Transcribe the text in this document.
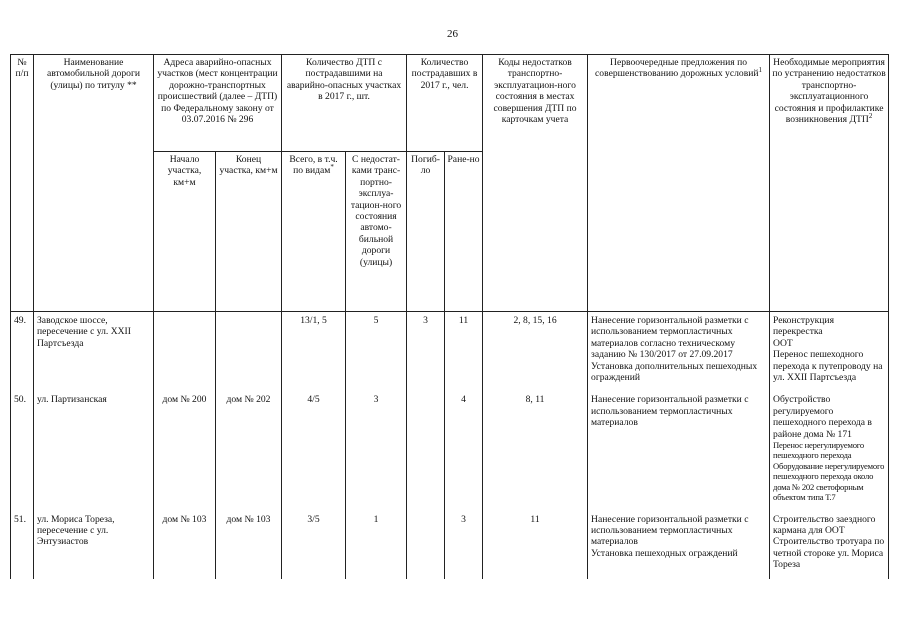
26
№ п/п	Наименование автомобильной дороги (улицы) по титулу **	Адреса аварийно-опасных участков (мест концентрации дорожно-транспортных происшествий (далее – ДТП) по Федеральному закону от 03.07.2016 № 296		Количество ДТП с пострадавшими на аварийно-опасных участках в 2017 г., шт.		Количество пострадавших в 2017 г., чел.		Коды недостатков транспортно-эксплуатацион-ного состояния в местах совершения ДТП по карточкам учета	Первоочередные предложения по совершенствованию дорожных условий$^1$	Необходимые мероприятия по устранению недостатков транспортно-эксплуатационного состояния и профилактике возникновения ДТП$^2$
		Начало участка, км+м	Конец участка, км+м	Всего, в т.ч. по видам*	С недостат-ками транс-портно-эксплуа-тацион-ного состояния автомо-бильной дороги (улицы)	Погиб-ло	Ране-но			
49.	Заводское шоссе, пересечение с ул. XXII Партсъезда			13/1, 5	5	3	11	2, 8, 15, 16	Нанесение горизонтальной разметки с использованием термопластичных материалов согласно техническому заданию № 130/2017 от 27.09.2017
Установка дополнительных пешеходных ограждений	Реконструкция перекрестка
ООТ
Перенос пешеходного перехода к путепроводу на ул. XXII Партсъезда

50.	ул. Партизанская	дом № 200	дом № 202	4/5	3		4	8, 11	Нанесение горизонтальной разметки с использованием термопластичных материалов	Обустройство регулируемого пешеходного перехода в районе дома № 171
Перенос нерегулируемого пешеходного перехода
Оборудование нерегулируемого пешеходного перехода около дома № 202 светофорным объектом типа Т.7

51.	ул. Мориса Тореза, пересечение с ул. Энтузиастов	дом № 103	дом № 103	3/5	1		3	11	Нанесение горизонтальной разметки с использованием термопластичных материалов
Установка пешеходных ограждений	Строительство заездного кармана для ООТ
Строительство тротуара по четной стороке ул. Мориса Тореза
